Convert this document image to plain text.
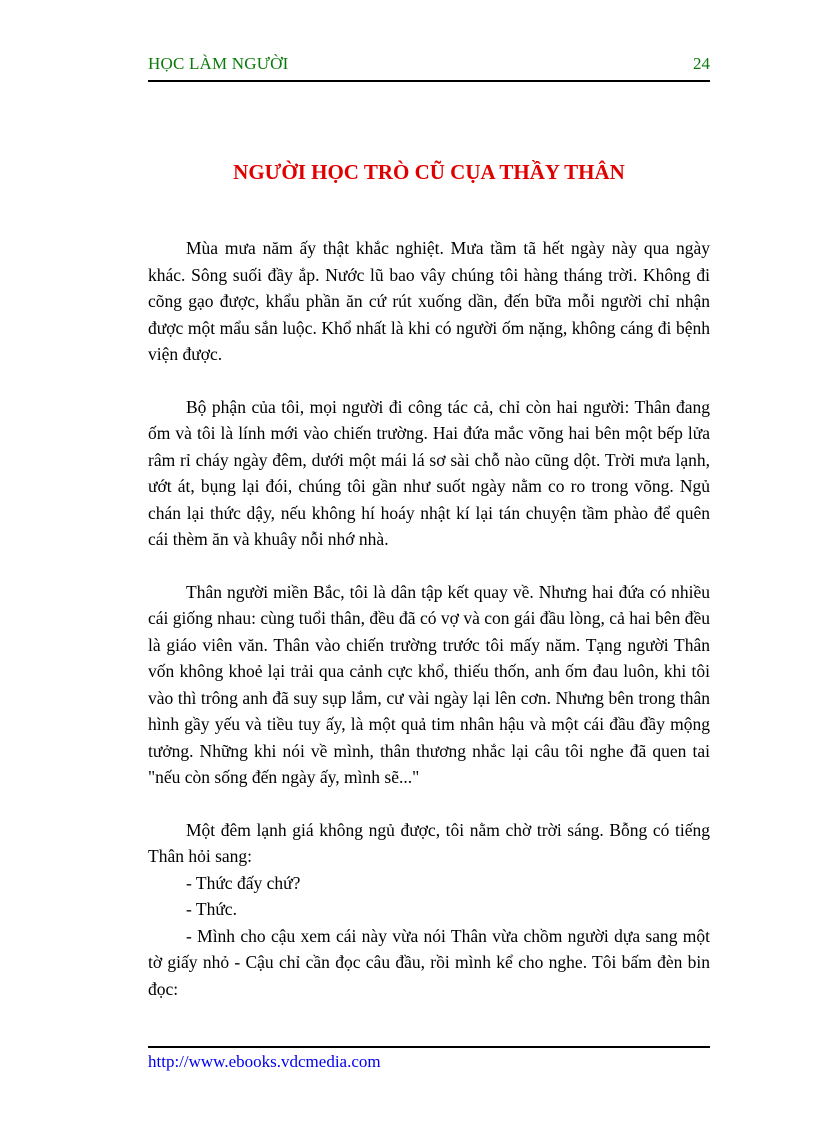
HỌC LÀM NGƯỜI	24
NGƯỜI HỌC TRÒ CŨ CỤA THẦY THÂN

Mùa mưa năm ấy thật khắc nghiệt. Mưa tầm tã hết ngày này qua ngày khác. Sông suối đầy ắp. Nước lũ bao vây chúng tôi hàng tháng trời. Không đi cõng gạo được, khẩu phần ăn cứ rút xuống dần, đến bữa mỗi người chỉ nhận được một mẩu sắn luộc. Khổ nhất là khi có người ốm nặng, không cáng đi bệnh viện được.

Bộ phận của tôi, mọi người đi công tác cả, chỉ còn hai người: Thân đang ốm và tôi là lính mới vào chiến trường. Hai đứa mắc võng hai bên một bếp lửa râm rỉ cháy ngày đêm, dưới một mái lá sơ sài chỗ nào cũng dột. Trời mưa lạnh, ướt át, bụng lại đói, chúng tôi gần như suốt ngày nằm co ro trong võng. Ngủ chán lại thức dậy, nếu không hí hoáy nhật kí lại tán chuyện tầm phào để quên cái thèm ăn và khuây nỗi nhớ nhà.

Thân người miền Bắc, tôi là dân tập kết quay về. Nhưng hai đứa có nhiều cái giống nhau: cùng tuổi thân, đều đã có vợ và con gái đầu lòng, cả hai bên đều là giáo viên văn. Thân vào chiến trường trước tôi mấy năm. Tạng người Thân vốn không khoẻ lại trải qua cảnh cực khổ, thiếu thốn, anh ốm đau luôn, khi tôi vào thì trông anh đã suy sụp lắm, cư vài ngày lại lên cơn. Nhưng bên trong thân hình gầy yếu và tiều tuy ấy, là một quả tim nhân hậu và một cái đầu đầy mộng tưởng. Những khi nói về mình, thân thương nhắc lại câu tôi nghe đã quen tai "nếu còn sống đến ngày ấy, mình sẽ..."

Một đêm lạnh giá không ngủ được, tôi nằm chờ trời sáng. Bỗng có tiếng Thân hỏi sang:

- Thức đấy chứ?

- Thức.

- Mình cho cậu xem cái này vừa nói Thân vừa chồm người dựa sang một tờ giấy nhỏ - Cậu chỉ cần đọc câu đầu, rồi mình kể cho nghe. Tôi bấm đèn bin đọc:

http://www.ebooks.vdcmedia.com
